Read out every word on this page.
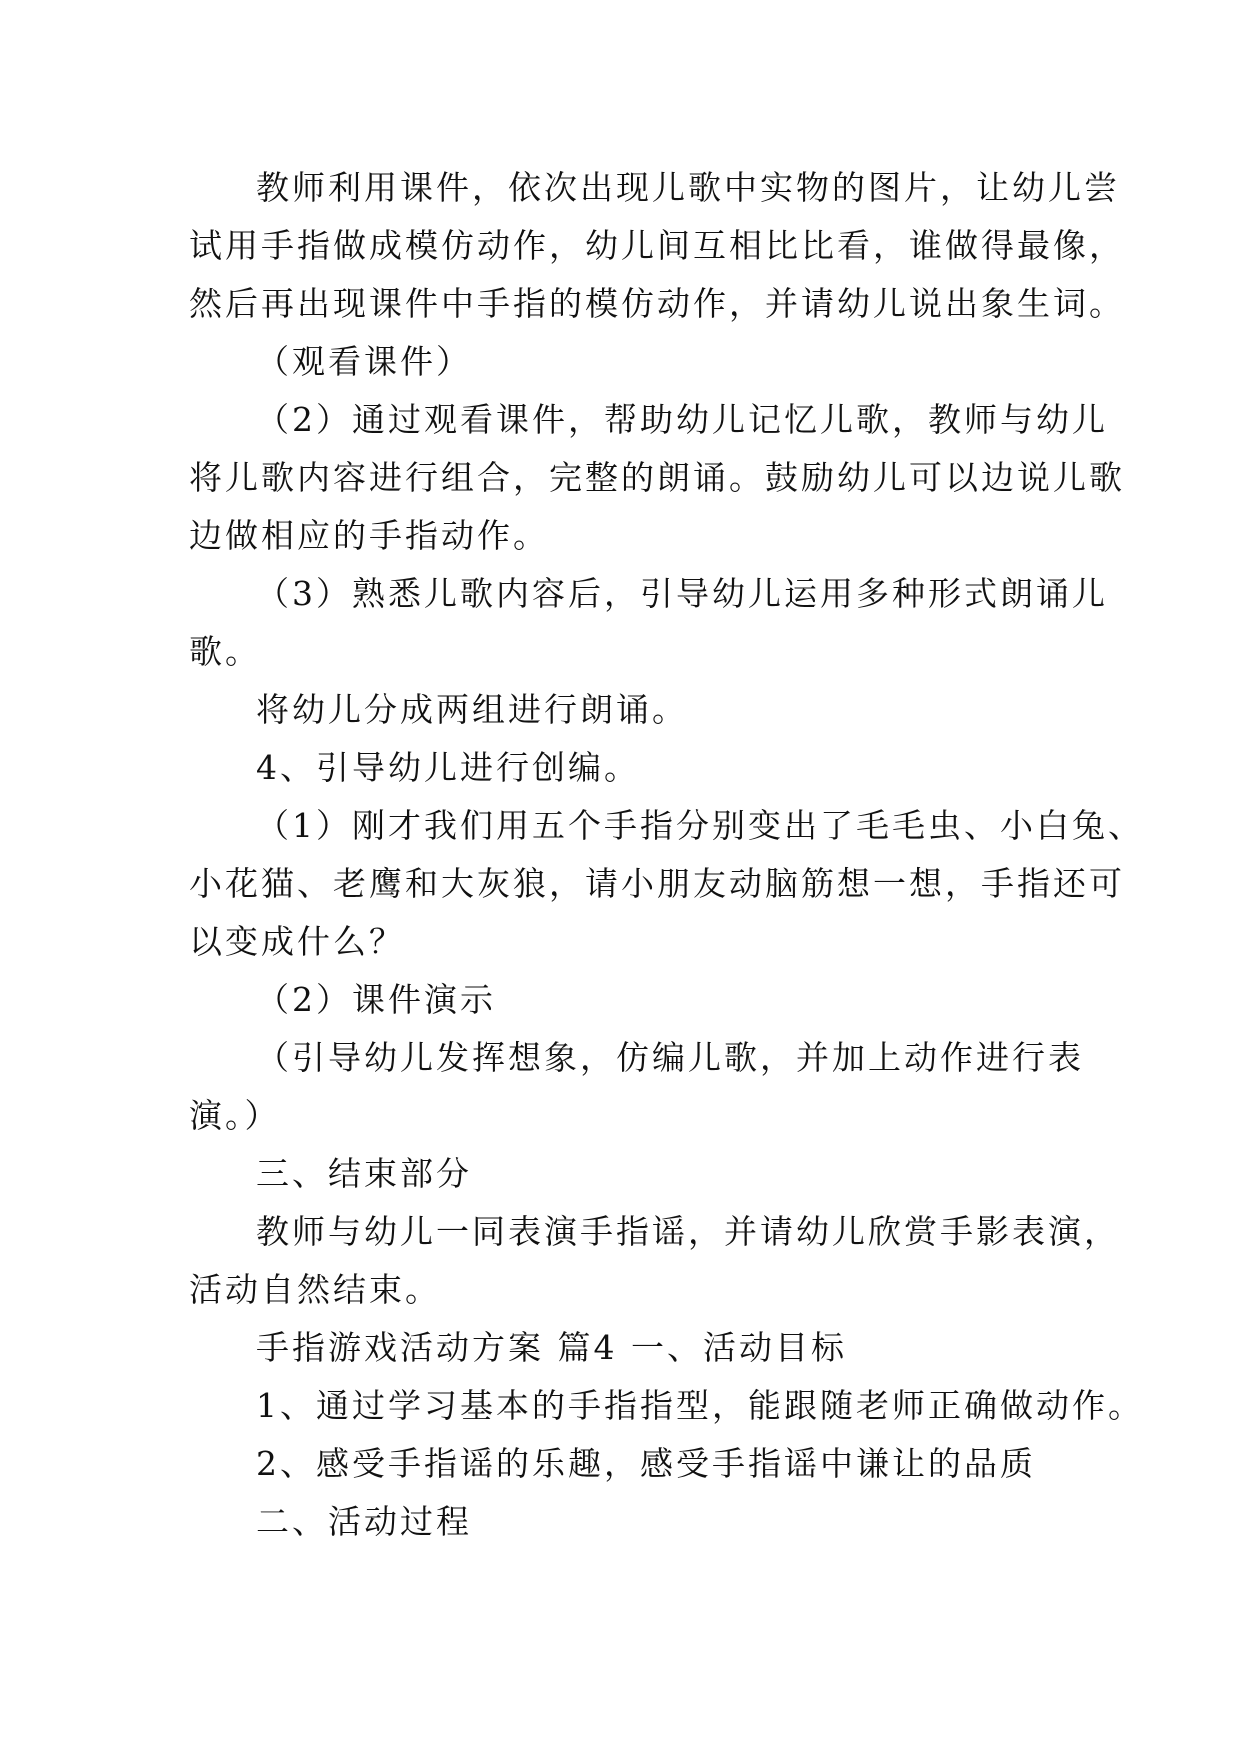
教师利用课件，依次出现儿歌中实物的图片，让幼儿尝
试用手指做成模仿动作，幼儿间互相比比看，谁做得最像，
然后再出现课件中手指的模仿动作，并请幼儿说出象生词。
（观看课件）
（2）通过观看课件，帮助幼儿记忆儿歌，教师与幼儿
将儿歌内容进行组合，完整的朗诵。鼓励幼儿可以边说儿歌
边做相应的手指动作。
（3）熟悉儿歌内容后，引导幼儿运用多种形式朗诵儿
歌。
将幼儿分成两组进行朗诵。
4、引导幼儿进行创编。
（1）刚才我们用五个手指分别变出了毛毛虫、小白兔、
小花猫、老鹰和大灰狼，请小朋友动脑筋想一想，手指还可
以变成什么？
（2）课件演示
（引导幼儿发挥想象，仿编儿歌，并加上动作进行表
演。）
三、结束部分
教师与幼儿一同表演手指谣，并请幼儿欣赏手影表演，
活动自然结束。
手指游戏活动方案 篇4 一、活动目标
1、通过学习基本的手指指型，能跟随老师正确做动作。
2、感受手指谣的乐趣，感受手指谣中谦让的品质
二、活动过程
